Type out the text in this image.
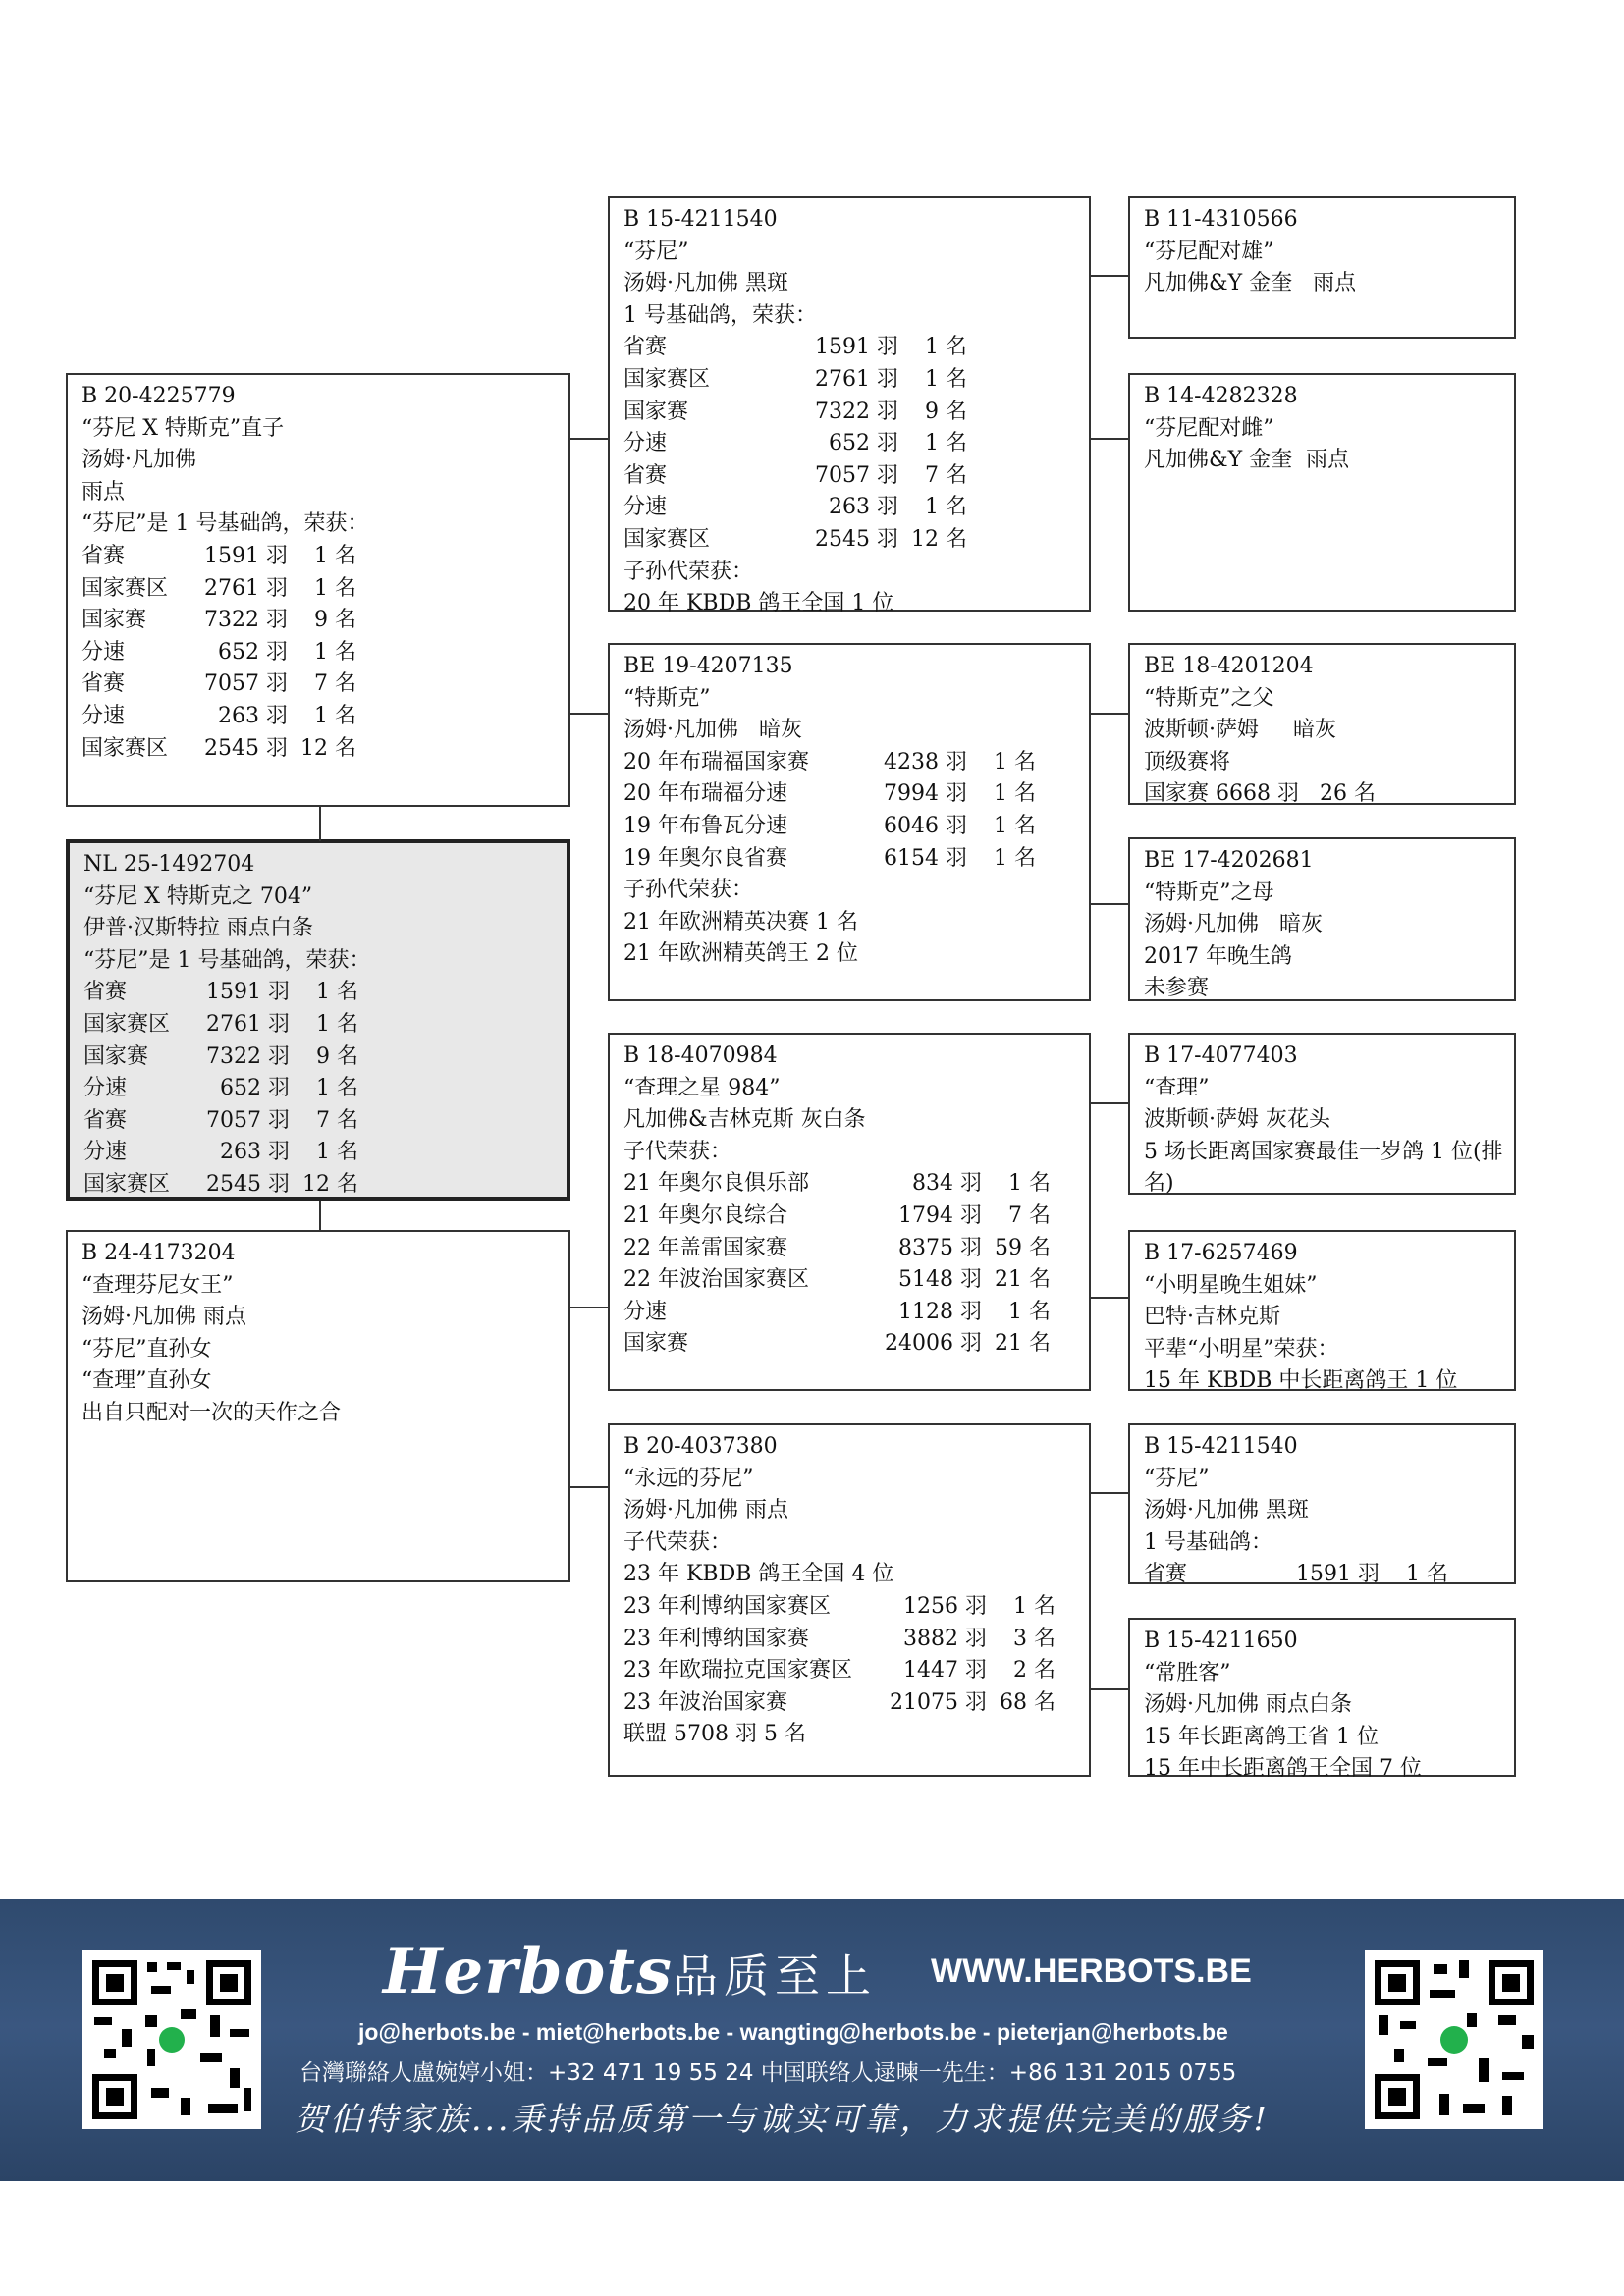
B 15-4211540
“芬尼”
汤姆·凡加佛 黑斑
1 号基础鸽，荣获：
省赛	1591 羽	1 名
国家赛区	2761 羽	1 名
国家赛	7322 羽	9 名
分速	652 羽	1 名
省赛	7057 羽	7 名
分速	263 羽	1 名
国家赛区	2545 羽 12 名
子孙代荣获：
20 年 KBDB 鸽王全国 1 位
B 11-4310566
“芬尼配对雄”
凡加佛&Y 金奎   雨点
B 14-4282328
“芬尼配对雌”
凡加佛&Y 金奎  雨点
B 20-4225779
“芬尼 X 特斯克”直子
汤姆·凡加佛
雨点
“芬尼”是 1 号基础鸽，荣获：
省赛	1591 羽	1 名
国家赛区	2761 羽	1 名
国家赛	7322 羽	9 名
分速	652 羽	1 名
省赛	7057 羽	7 名
分速	263 羽	1 名
国家赛区	2545 羽 12 名
BE 19-4207135
“特斯克”
汤姆·凡加佛   暗灰
20 年布瑞福国家赛	4238 羽	1 名
20 年布瑞福分速	7994 羽	1 名
19 年布鲁瓦分速	6046 羽	1 名
19 年奥尔良省赛	6154 羽	1 名
子孙代荣获：
21 年欧洲精英决赛 1 名
21 年欧洲精英鸽王 2 位
BE 18-4201204
“特斯克”之父
波斯顿·萨姆     暗灰
顶级赛将
国家赛 6668 羽   26 名
BE 17-4202681
“特斯克”之母
汤姆·凡加佛   暗灰
2017 年晚生鸽
未参赛
NL 25-1492704
“芬尼 X 特斯克之 704”
伊普·汉斯特拉 雨点白条
“芬尼”是 1 号基础鸽，荣获：
省赛	1591 羽	1 名
国家赛区	2761 羽	1 名
国家赛	7322 羽	9 名
分速	652 羽	1 名
省赛	7057 羽	7 名
分速	263 羽	1 名
国家赛区	2545 羽 12 名
B 18-4070984
“查理之星 984”
凡加佛&吉林克斯 灰白条
子代荣获：
21 年奥尔良俱乐部	834 羽	1 名
21 年奥尔良综合	1794 羽	7 名
22 年盖雷国家赛	8375 羽 59 名
22 年波治国家赛区	5148 羽 21 名
分速	1128 羽	1 名
国家赛	24006 羽 21 名
B 17-4077403
“查理”
波斯顿·萨姆 灰花头
5 场长距离国家赛最佳一岁鸽 1 位(排
名)
B 24-4173204
“查理芬尼女王”
汤姆·凡加佛 雨点
“芬尼”直孙女
“查理”直孙女
出自只配对一次的天作之合
B 17-6257469
“小明星晚生姐妹”
巴特·吉林克斯
平辈“小明星”荣获：
15 年 KBDB 中长距离鸽王 1 位
B 20-4037380
“永远的芬尼”
汤姆·凡加佛 雨点
子代荣获：
23 年 KBDB 鸽王全国 4 位
23 年利博纳国家赛区	1256 羽	1 名
23 年利博纳国家赛	3882 羽	3 名
23 年欧瑞拉克国家赛区	1447 羽	2 名
23 年波治国家赛	21075 羽 68 名
联盟 5708 羽 5 名
B 15-4211540
“芬尼”
汤姆·凡加佛 黑斑
1 号基础鸽：
省赛	1591 羽	1 名
B 15-4211650
“常胜客”
汤姆·凡加佛 雨点白条
15 年长距离鸽王省 1 位
15 年中长距离鸽王全国 7 位
Herbots 品质至上 WWW.HERBOTS.BE
jo@herbots.be - miet@herbots.be - wangting@herbots.be - pieterjan@herbots.be
台灣聯絡人盧婉婷小姐：+32 471 19 55 24 中国联络人逯暕一先生：+86 131 2015 0755
贺伯特家族...秉持品质第一与诚实可靠，力求提供完美的服务!
